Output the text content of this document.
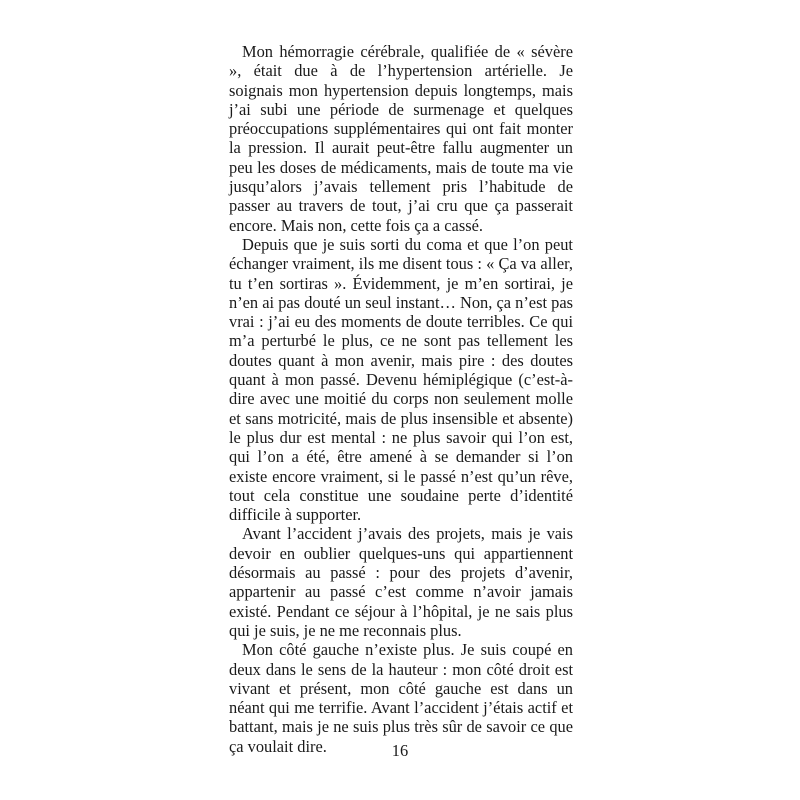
Mon hémorragie cérébrale, qualifiée de « sévère », était due à de l’hypertension artérielle. Je soignais mon hypertension depuis longtemps, mais j’ai subi une période de surmenage et quelques préoccupations supplémentaires qui ont fait monter la pression. Il aurait peut-être fallu augmenter un peu les doses de médicaments, mais de toute ma vie jusqu’alors j’avais tellement pris l’habitude de passer au travers de tout, j’ai cru que ça passerait encore. Mais non, cette fois ça a cassé.

Depuis que je suis sorti du coma et que l’on peut échanger vraiment, ils me disent tous : « Ça va aller, tu t’en sortiras ». Évidemment, je m’en sortirai, je n’en ai pas douté un seul instant… Non, ça n’est pas vrai : j’ai eu des moments de doute terribles. Ce qui m’a perturbé le plus, ce ne sont pas tellement les doutes quant à mon avenir, mais pire : des doutes quant à mon passé. Devenu hémiplégique (c’est-à-dire avec une moitié du corps non seulement molle et sans motricité, mais de plus insensible et absente) le plus dur est mental : ne plus savoir qui l’on est, qui l’on a été, être amené à se demander si l’on existe encore vraiment, si le passé n’est qu’un rêve, tout cela constitue une soudaine perte d’identité difficile à supporter.

Avant l’accident j’avais des projets, mais je vais devoir en oublier quelques-uns qui appartiennent désormais au passé : pour des projets d’avenir, appartenir au passé c’est comme n’avoir jamais existé. Pendant ce séjour à l’hôpital, je ne sais plus qui je suis, je ne me reconnais plus.

Mon côté gauche n’existe plus. Je suis coupé en deux dans le sens de la hauteur : mon côté droit est vivant et présent, mon côté gauche est dans un néant qui me terrifie. Avant l’accident j’étais actif et battant, mais je ne suis plus très sûr de savoir ce que ça voulait dire.	16
